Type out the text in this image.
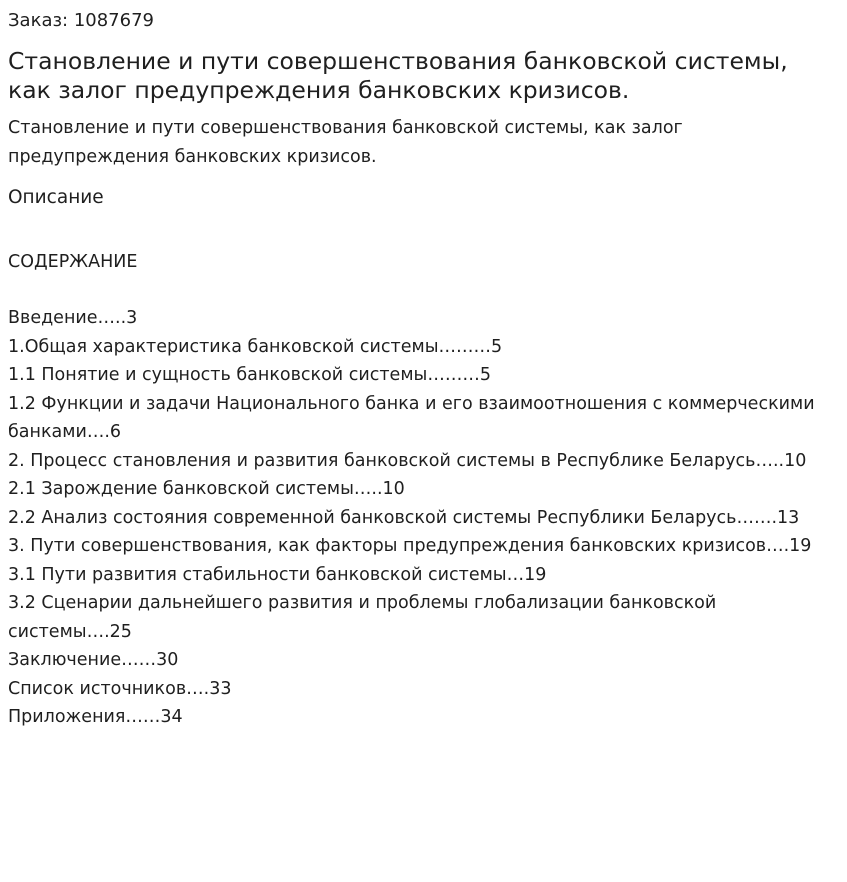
Заказ: 1087679
Становление и пути совершенствования банковской системы, как залог предупреждения банковских кризисов.

Становление и пути совершенствования банковской системы, как залог предупреждения банковских кризисов.

Описание
СОДЕРЖАНИЕ
Введение…..3
1.Общая характеристика банковской системы………5
1.1 Понятие и сущность банковской системы………5
1.2 Функции и задачи Национального банка и его взаимоотношения с коммерческими банками….6
2. Процесс становления и развития банковской системы в Республике Беларусь…..10
2.1 Зарождение банковской системы…..10
2.2 Анализ состояния современной банковской системы Республики Беларусь…….13
3. Пути совершенствования, как факторы предупреждения банковских кризисов….19
3.1 Пути развития стабильности банковской системы…19
3.2 Сценарии дальнейшего развития и проблемы глобализации банковской системы….25
Заключение……30
Список источников….33
Приложения……34
